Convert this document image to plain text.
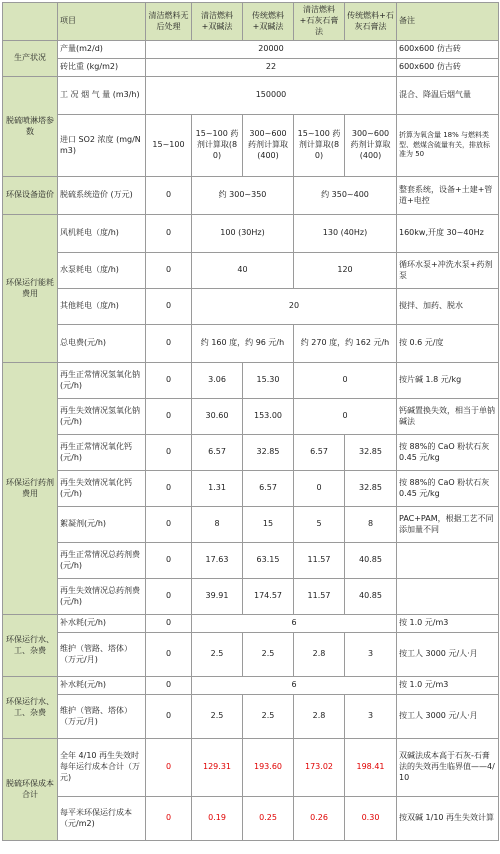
	项目	清洁燃料无后处理	清洁燃料+双碱法	传统燃料+双碱法	清洁燃料+石灰石膏法	传统燃料+石灰石膏法	备注
生产状况	产量(m2/d)	20000					600x600 仿古砖
	砖比重 (kg/m2)	22					600x600 仿古砖
脱硫喷淋塔参数	工 况 烟 气 量 (m3/h)	150000					混合、降温后烟气量
	进口 SO2 浓度 (mg/Nm3)	15~100	15~100 药剂计算取(80)	300~600 药剂计算取(400)	15~100 药剂计算取(80)	300~600 药剂计算取(400)	折算为氧含量 18% 与燃料类型、燃煤含硫量有关，排放标准为 50
环保设备造价	脱硫系统造价 (万元)	0	约 300~350		约 350~400		整套系统，设备+土建+管道+电控
环保运行能耗费用	风机耗电（度/h)	0	100 (30Hz)		130 (40Hz)		160kw,开度 30~40Hz
	水泵耗电（度/h)	0	40		120		循环水泵+冲洗水泵+药剂泵
	其他耗电（度/h)	0	20				搅拌、加药、脱水
	总电费(元/h)	0	约 160 度，约 96 元/h		约 270 度，约 162 元/h		按 0.6 元/度
环保运行药剂费用	再生正常情况氢氧化钠(元/h)	0	3.06	15.30	0		按片碱 1.8 元/kg
	再生失效情况氢氧化钠(元/h)	0	30.60	153.00	0		钙碱置换失效，相当于单钠碱法
	再生正常情况氧化钙(元/h)	0	6.57	32.85	6.57	32.85	按 88%的 CaO 粉状石灰 0.45 元/kg
	再生失效情况氧化钙(元/h)	0	1.31	6.57	0	32.85	按 88%的 CaO 粉状石灰 0.45 元/kg
	絮凝剂(元/h)	0	8	15	5	8	PAC+PAM，根据工艺不同添加量不同
	再生正常情况总药剂费(元/h)	0	17.63	63.15	11.57	40.85	
	再生失效情况总药剂费(元/h)	0	39.91	174.57	11.57	40.85	
环保运行水、工、杂费	补水耗(元/h)	0	6				按 1.0 元/m3
	维护（管路、塔体）（万元/月)	0	2.5	2.5	2.8	3	按工人 3000 元/人·月
环保运行水、工、杂费	补水耗(元/h)	0	6				按 1.0 元/m3
	维护（管路、塔体）（万元/月)	0	2.5	2.5	2.8	3	按工人 3000 元/人·月
脱硫环保成本合计	全年 4/10 再生失效时每年运行成本合计（万元)	0	129.31	193.60	173.02	198.41	双碱法成本高于石灰-石膏法的失效再生临界值——4/10
	每平米环保运行成本（元/m2)	0	0.19	0.25	0.26	0.30	按双碱 1/10 再生失效计算
